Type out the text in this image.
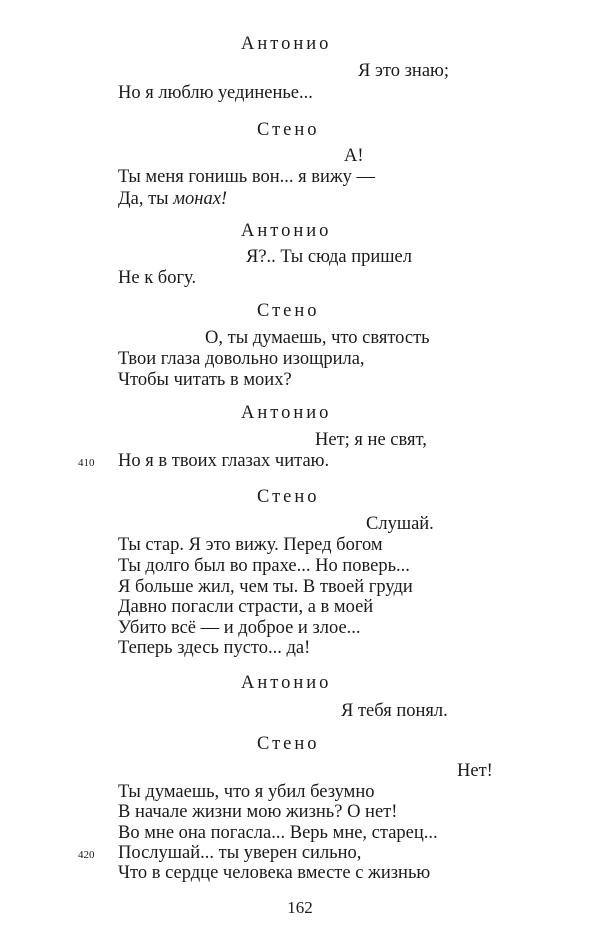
Антонио
Стено
Антонио
Стено
Антонио
Стено
Антонио
Стено
Я это знаю;
Но я люблю уединенье...
А!
Ты меня гонишь вон... я вижу —
Да, ты монах!
Я?.. Ты сюда пришел
Не к богу.
О, ты думаешь, что святость
Твои глаза довольно изощрила,
Чтобы читать в моих?
Нет; я не свят,
410 Но я в твоих глазах читаю.
Слушай.
Ты стар. Я это вижу. Перед богом
Ты долго был во прахе... Но поверь...
Я больше жил, чем ты. В твоей груди
Давно погасли страсти, а в моей
Убито всё — и доброе и злое...
Теперь здесь пусто... да!
Я тебя понял.
Нет!
Ты думаешь, что я убил безумно
В начале жизни мою жизнь? О нет!
Во мне она погасла... Верь мне, старец...
420 Послушай... ты уверен сильно,
Что в сердце человека вместе с жизнью
162
